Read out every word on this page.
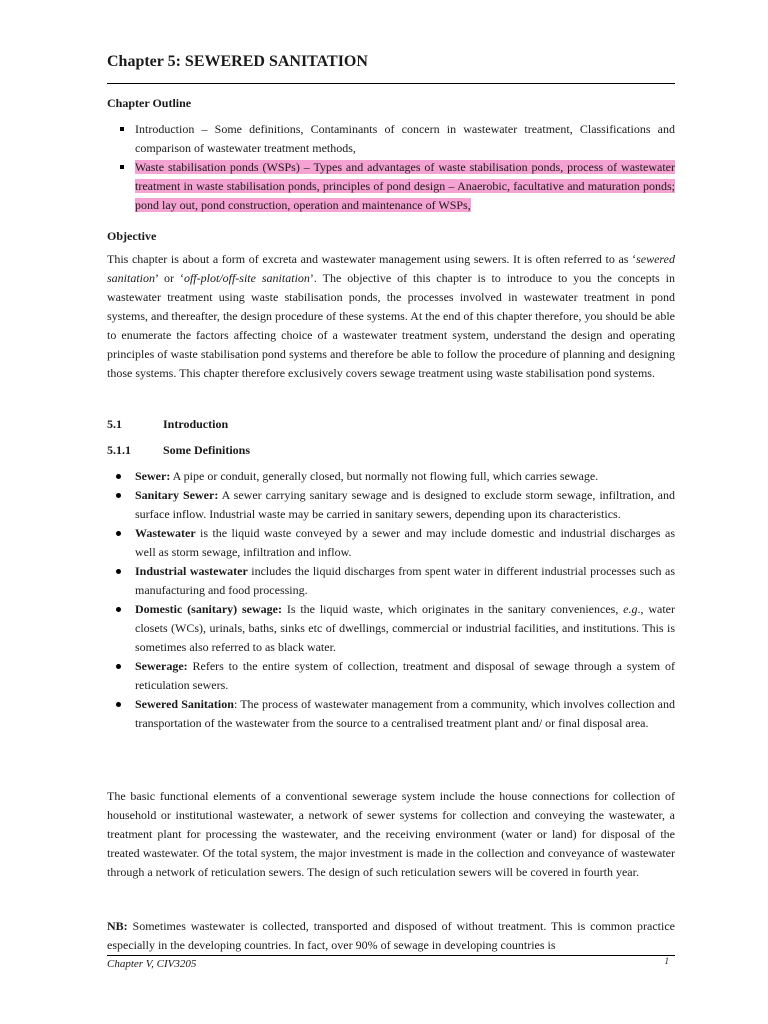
Chapter 5: SEWERED SANITATION

Chapter Outline

Introduction – Some definitions, Contaminants of concern in wastewater treatment, Classifications and comparison of wastewater treatment methods,
Waste stabilisation ponds (WSPs) – Types and advantages of waste stabilisation ponds, process of wastewater treatment in waste stabilisation ponds, principles of pond design – Anaerobic, facultative and maturation ponds; pond lay out, pond construction, operation and maintenance of WSPs,

Objective

This chapter is about a form of excreta and wastewater management using sewers. It is often referred to as ‘sewered sanitation’ or ‘off-plot/off-site sanitation’. The objective of this chapter is to introduce to you the concepts in wastewater treatment using waste stabilisation ponds, the processes involved in wastewater treatment in pond systems, and thereafter, the design procedure of these systems. At the end of this chapter therefore, you should be able to enumerate the factors affecting choice of a wastewater treatment system, understand the design and operating principles of waste stabilisation pond systems and therefore be able to follow the procedure of planning and designing those systems. This chapter therefore exclusively covers sewage treatment using waste stabilisation pond systems.

5.1	Introduction

5.1.1	Some Definitions

Sewer: A pipe or conduit, generally closed, but normally not flowing full, which carries sewage.
Sanitary Sewer: A sewer carrying sanitary sewage and is designed to exclude storm sewage, infiltration, and surface inflow. Industrial waste may be carried in sanitary sewers, depending upon its characteristics.
Wastewater is the liquid waste conveyed by a sewer and may include domestic and industrial discharges as well as storm sewage, infiltration and inflow.
Industrial wastewater includes the liquid discharges from spent water in different industrial processes such as manufacturing and food processing.
Domestic (sanitary) sewage: Is the liquid waste, which originates in the sanitary conveniences, e.g., water closets (WCs), urinals, baths, sinks etc of dwellings, commercial or industrial facilities, and institutions. This is sometimes also referred to as black water.
Sewerage: Refers to the entire system of collection, treatment and disposal of sewage through a system of reticulation sewers.
Sewered Sanitation: The process of wastewater management from a community, which involves collection and transportation of the wastewater from the source to a centralised treatment plant and/ or final disposal area.

The basic functional elements of a conventional sewerage system include the house connections for collection of household or institutional wastewater, a network of sewer systems for collection and conveying the wastewater, a treatment plant for processing the wastewater, and the receiving environment (water or land) for disposal of the treated wastewater. Of the total system, the major investment is made in the collection and conveyance of wastewater through a network of reticulation sewers. The design of such reticulation sewers will be covered in fourth year.

NB: Sometimes wastewater is collected, transported and disposed of without treatment. This is common practice especially in the developing countries. In fact, over 90% of sewage in developing countries is

Chapter V, CIV3205	1
